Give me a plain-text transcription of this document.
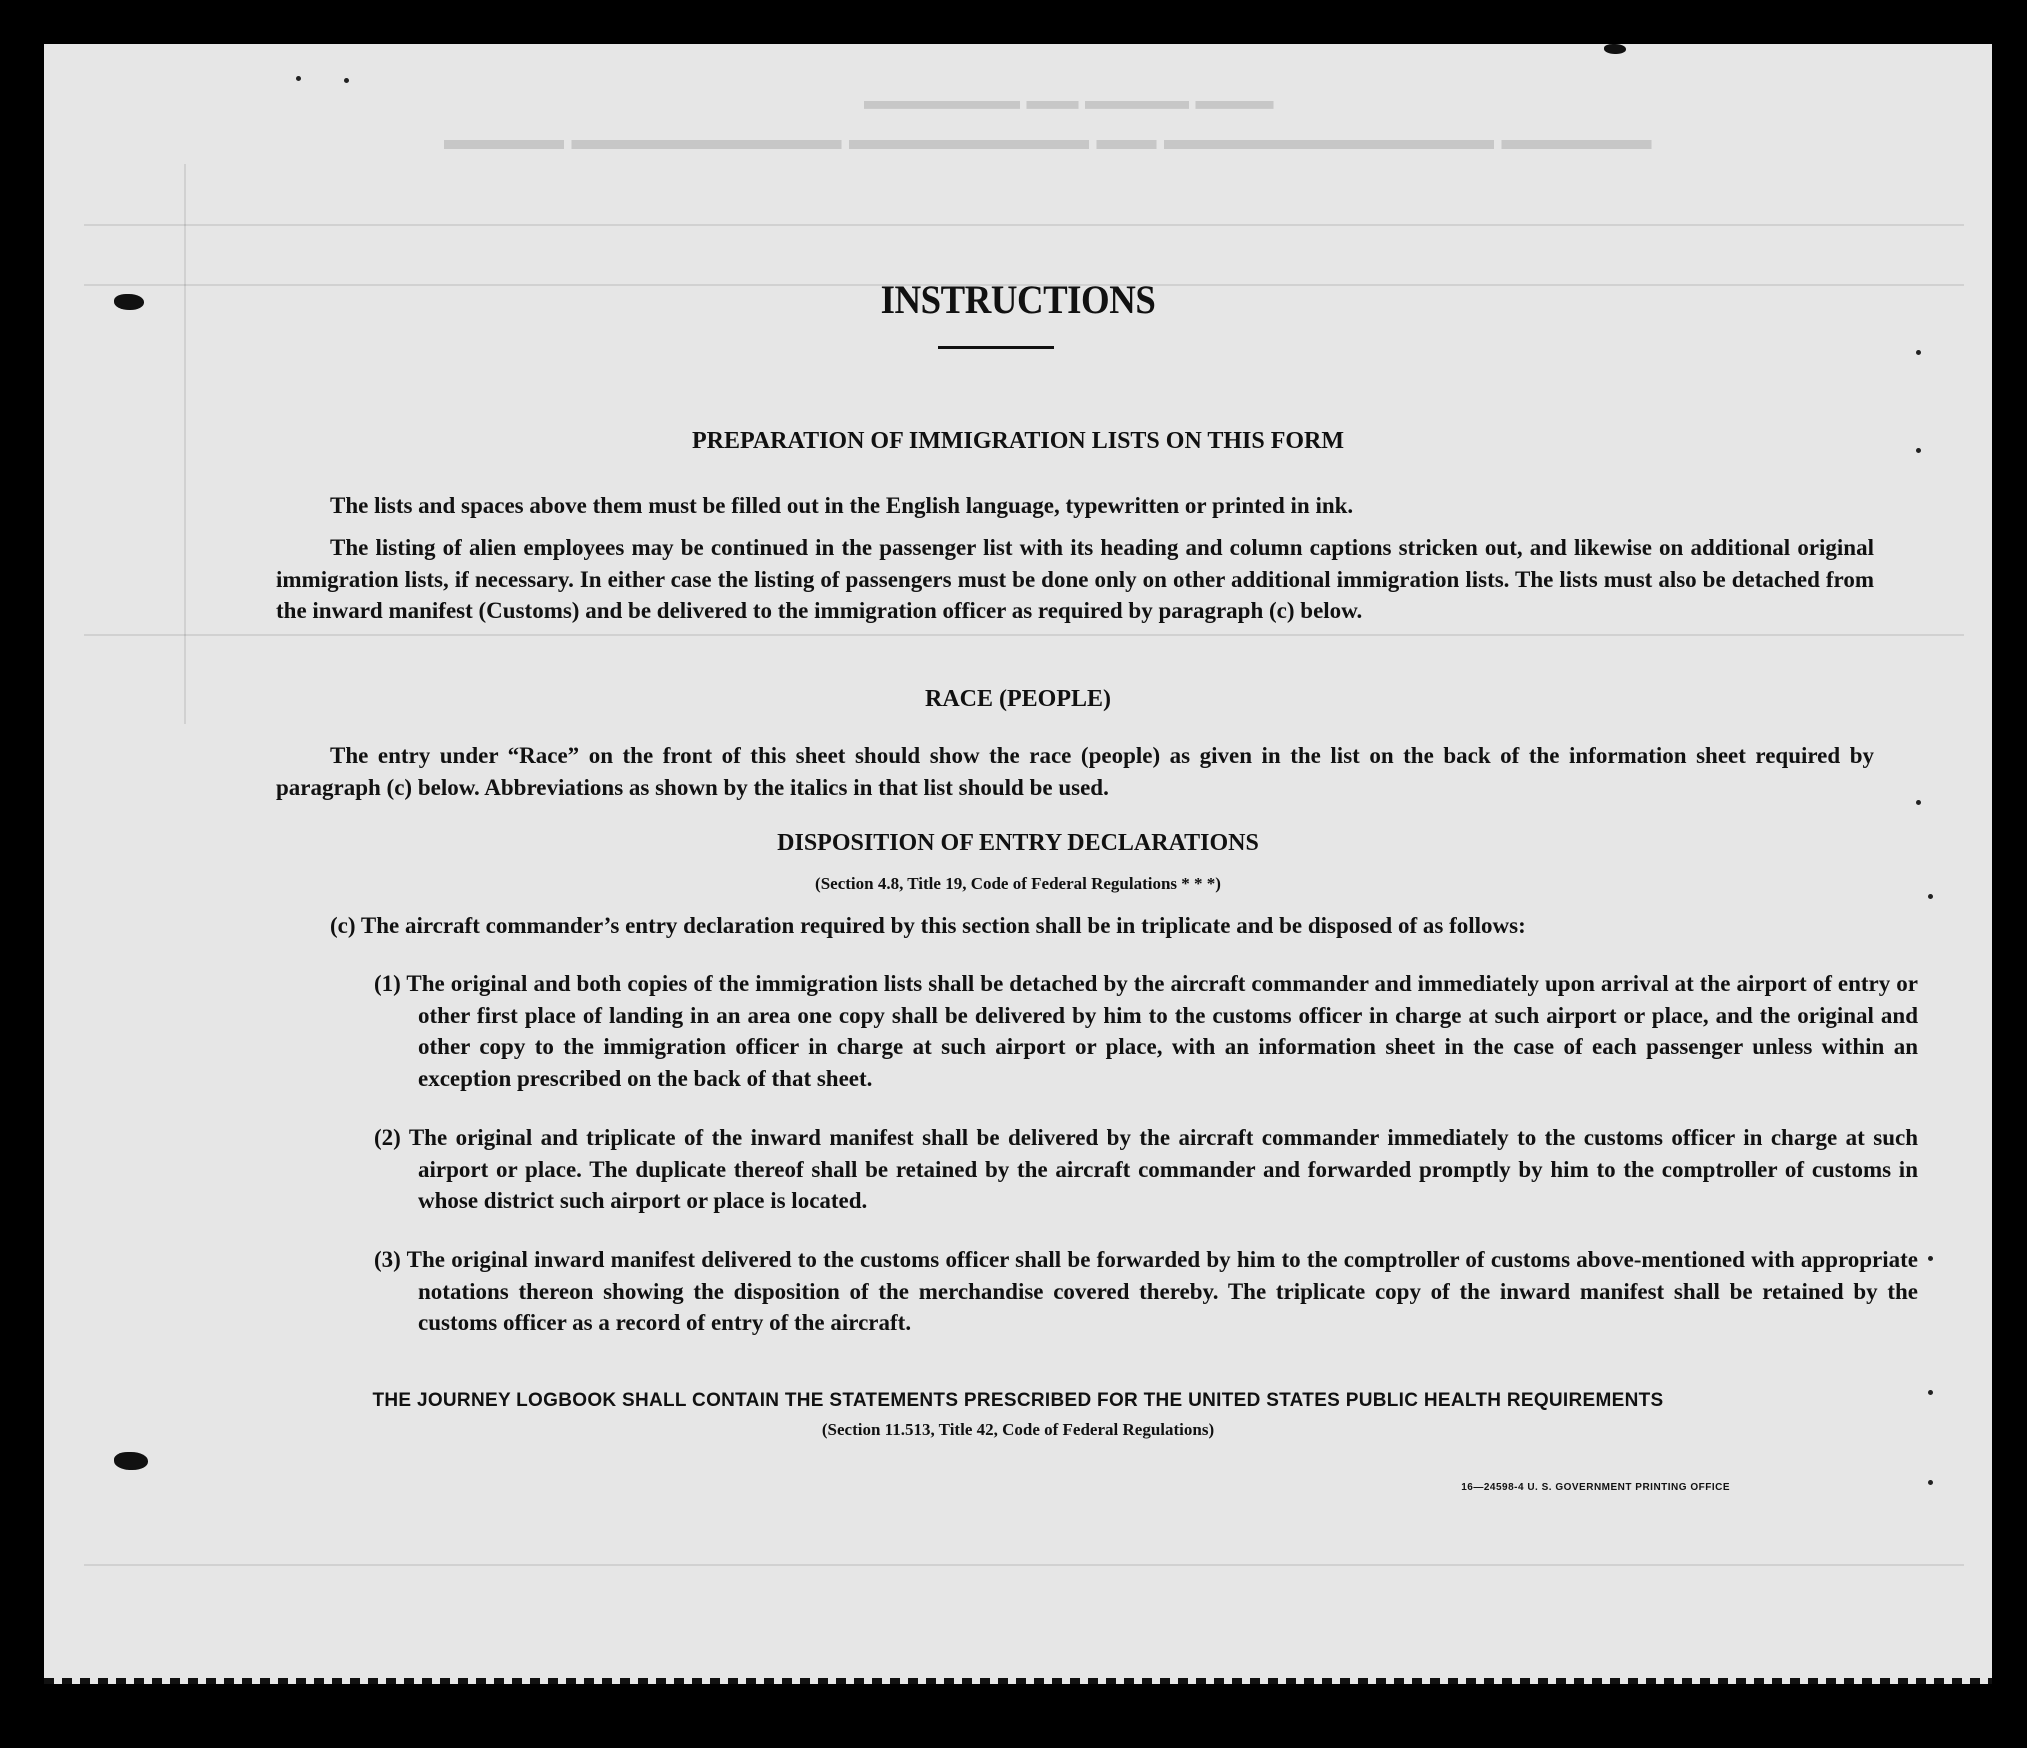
▬▬▬ ▬▬▬▬ ▬▬ ▬▬▬▬▬▬
▬▬▬▬▬ ▬▬▬▬▬▬▬▬▬▬▬ ▬▬ ▬▬▬▬▬▬▬▬ ▬▬▬▬▬▬▬▬▬ ▬▬▬▬
INSTRUCTIONS
PREPARATION OF IMMIGRATION LISTS ON THIS FORM
The lists and spaces above them must be filled out in the English language, typewritten or printed in ink.
The listing of alien employees may be continued in the passenger list with its heading and column captions stricken out, and likewise on additional original immigration lists, if necessary. In either case the listing of passengers must be done only on other additional immigration lists. The lists must also be detached from the inward manifest (Customs) and be delivered to the immigration officer as required by paragraph (c) below.
RACE (PEOPLE)
The entry under “Race” on the front of this sheet should show the race (people) as given in the list on the back of the information sheet required by paragraph (c) below. Abbreviations as shown by the italics in that list should be used.
DISPOSITION OF ENTRY DECLARATIONS
(Section 4.8, Title 19, Code of Federal Regulations * * *)
(c) The aircraft commander’s entry declaration required by this section shall be in triplicate and be disposed of as follows:
(1) The original and both copies of the immigration lists shall be detached by the aircraft commander and immediately upon arrival at the airport of entry or other first place of landing in an area one copy shall be delivered by him to the customs officer in charge at such airport or place, and the original and other copy to the immigration officer in charge at such airport or place, with an information sheet in the case of each passenger unless within an exception prescribed on the back of that sheet.
(2) The original and triplicate of the inward manifest shall be delivered by the aircraft commander immediately to the customs officer in charge at such airport or place. The duplicate thereof shall be retained by the aircraft commander and forwarded promptly by him to the comptroller of customs in whose district such airport or place is located.
(3) The original inward manifest delivered to the customs officer shall be forwarded by him to the comptroller of customs above-mentioned with appropriate notations thereon showing the disposition of the merchandise covered thereby. The triplicate copy of the inward manifest shall be retained by the customs officer as a record of entry of the aircraft.
THE JOURNEY LOGBOOK SHALL CONTAIN THE STATEMENTS PRESCRIBED FOR THE UNITED STATES PUBLIC HEALTH REQUIREMENTS
(Section 11.513, Title 42, Code of Federal Regulations)
16—24598-4 U. S. GOVERNMENT PRINTING OFFICE
